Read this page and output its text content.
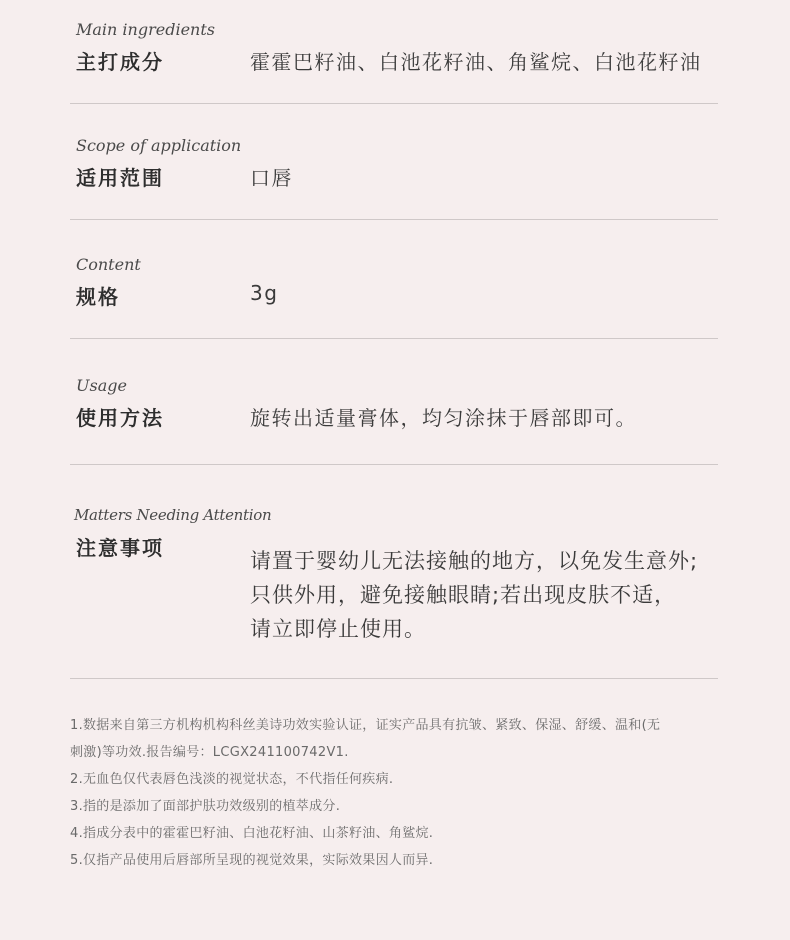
Main ingredients
主打成分	霍霍巴籽油、白池花籽油、角鲨烷、白池花籽油
Scope of application
适用范围	口唇
Content
规格	3g
Usage
使用方法	旋转出适量膏体，均匀涂抹于唇部即可。
Matters Needing Attention
注意事项
请置于婴幼儿无法接触的地方，以免发生意外;
只供外用，避免接触眼睛;若出现皮肤不适，
请立即停止使用。
1.数据来自第三方机构机构科丝美诗功效实验认证，证实产品具有抗皱、紧致、保湿、舒缓、温和(无
刺激)等功效.报告编号：LCGX241100742V1.
2.无血色仅代表唇色浅淡的视觉状态，不代指任何疾病.
3.指的是添加了面部护肤功效级别的植萃成分.
4.指成分表中的霍霍巴籽油、白池花籽油、山茶籽油、角鲨烷.
5.仅指产品使用后唇部所呈现的视觉效果，实际效果因人而异.
